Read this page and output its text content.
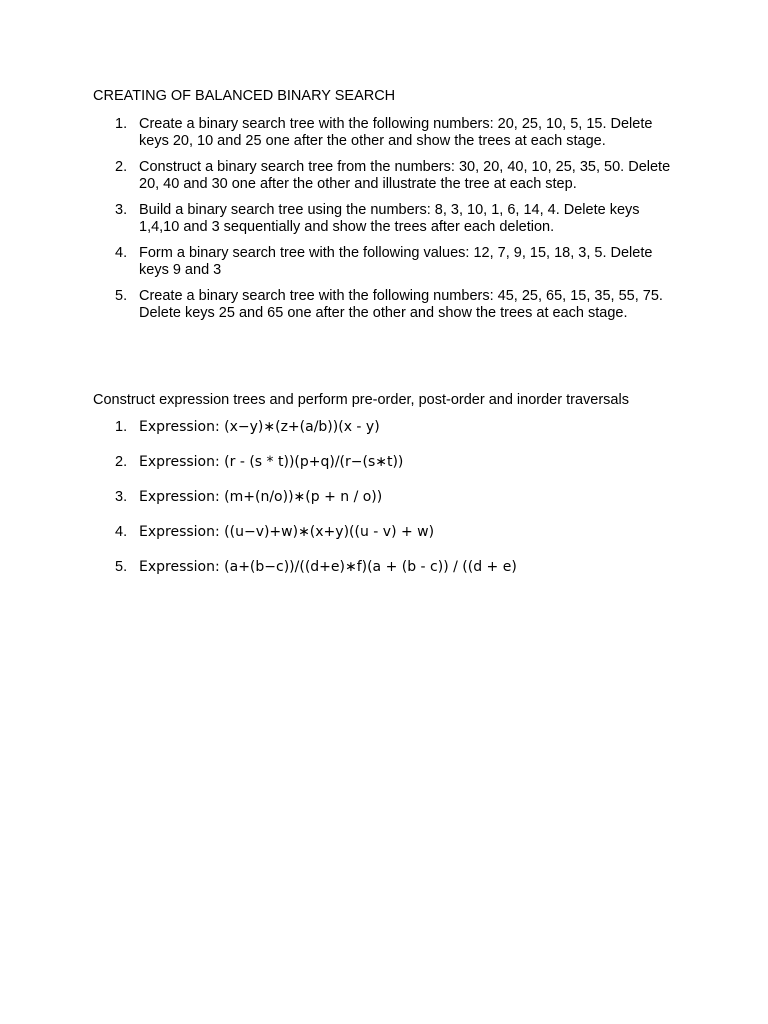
CREATING OF BALANCED BINARY SEARCH
1. Create a binary search tree with the following numbers: 20, 25, 10, 5, 15. Delete keys 20, 10 and 25 one after the other and show the trees at each stage.
2. Construct a binary search tree from the numbers: 30, 20, 40, 10, 25, 35, 50. Delete 20, 40 and 30 one after the other and illustrate the tree at each step.
3. Build a binary search tree using the numbers: 8, 3, 10, 1, 6, 14, 4. Delete keys 1,4,10 and 3 sequentially and show the trees after each deletion.
4. Form a binary search tree with the following values: 12, 7, 9, 15, 18, 3, 5. Delete keys 9 and 3
5. Create a binary search tree with the following numbers: 45, 25, 65, 15, 35, 55, 75. Delete keys 25 and 65 one after the other and show the trees at each stage.
Construct expression trees and perform pre-order, post-order and inorder traversals
1. Expression: (x−y)∗(z+(a/b))(x - y)
2. Expression: (r - (s * t))(p+q)/(r−(s∗t))
3. Expression: (m+(n/o))∗(p + n / o))
4. Expression: ((u−v)+w)∗(x+y)((u - v) + w)
5. Expression: (a+(b−c))/((d+e)∗f)(a + (b - c)) / ((d + e)
